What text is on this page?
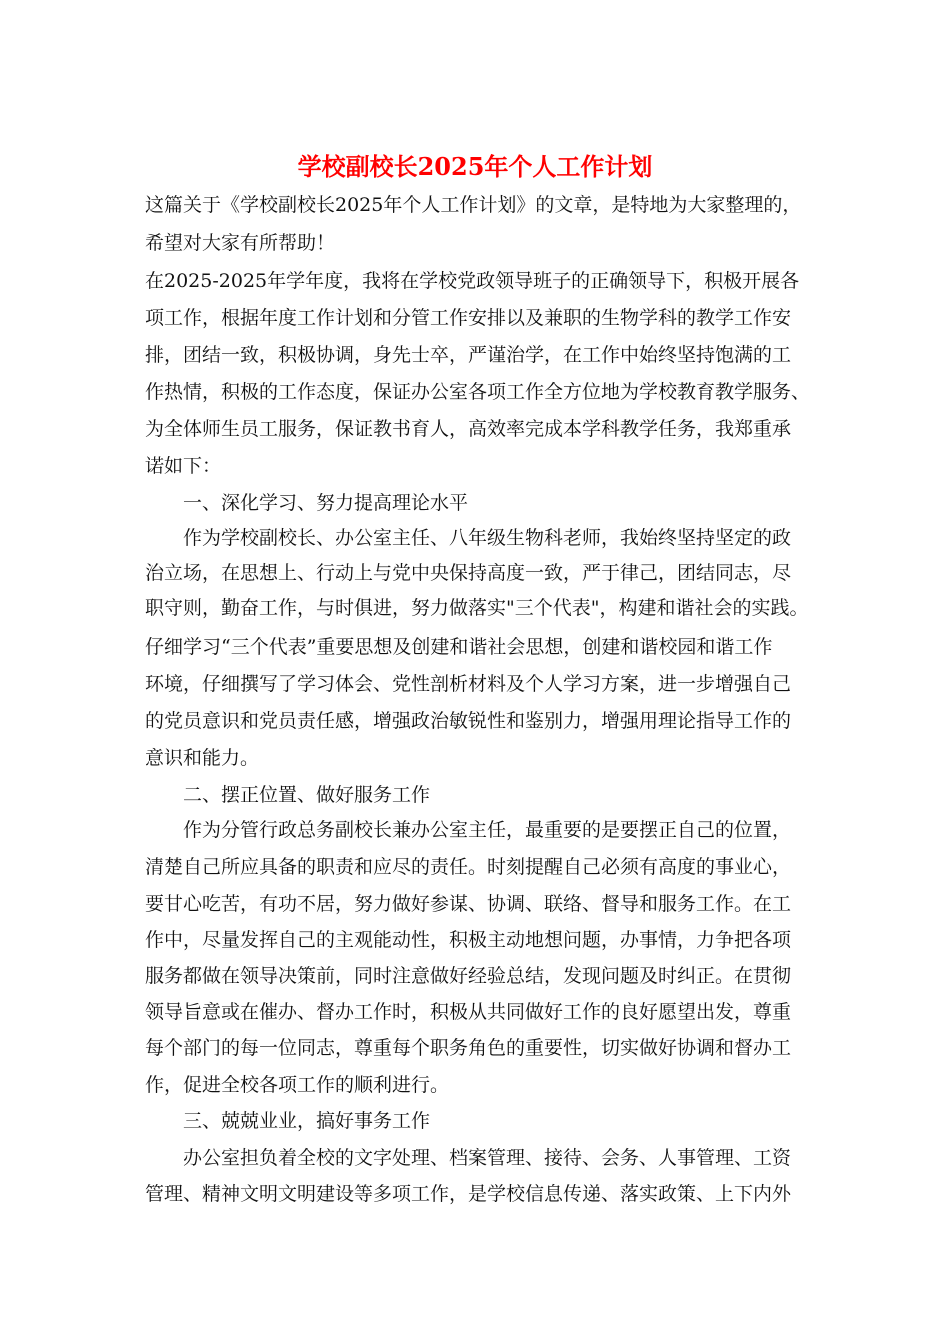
学校副校长2025年个人工作计划
这篇关于《学校副校长2025年个人工作计划》的文章，是特地为大家整理的，
希望对大家有所帮助！
在2025-2025年学年度，我将在学校党政领导班子的正确领导下，积极开展各
项工作，根据年度工作计划和分管工作安排以及兼职的生物学科的教学工作安
排，团结一致，积极协调，身先士卒，严谨治学，在工作中始终坚持饱满的工
作热情，积极的工作态度，保证办公室各项工作全方位地为学校教育教学服务、
为全体师生员工服务，保证教书育人，高效率完成本学科教学任务，我郑重承
诺如下：
一、深化学习、努力提高理论水平
作为学校副校长、办公室主任、八年级生物科老师，我始终坚持坚定的政
治立场，在思想上、行动上与党中央保持高度一致，严于律己，团结同志，尽
职守则，勤奋工作，与时俱进，努力做落实"三个代表"，构建和谐社会的实践。
仔细学习“三个代表”重要思想及创建和谐社会思想，创建和谐校园和谐工作
环境，仔细撰写了学习体会、党性剖析材料及个人学习方案，进一步增强自己
的党员意识和党员责任感，增强政治敏锐性和鉴别力，增强用理论指导工作的
意识和能力。
二、摆正位置、做好服务工作
作为分管行政总务副校长兼办公室主任，最重要的是要摆正自己的位置，
清楚自己所应具备的职责和应尽的责任。时刻提醒自己必须有高度的事业心，
要甘心吃苦，有功不居，努力做好参谋、协调、联络、督导和服务工作。在工
作中，尽量发挥自己的主观能动性，积极主动地想问题，办事情，力争把各项
服务都做在领导决策前，同时注意做好经验总结，发现问题及时纠正。在贯彻
领导旨意或在催办、督办工作时，积极从共同做好工作的良好愿望出发，尊重
每个部门的每一位同志，尊重每个职务角色的重要性，切实做好协调和督办工
作，促进全校各项工作的顺利进行。
三、兢兢业业，搞好事务工作
办公室担负着全校的文字处理、档案管理、接待、会务、人事管理、工资
管理、精神文明文明建设等多项工作，是学校信息传递、落实政策、上下内外
